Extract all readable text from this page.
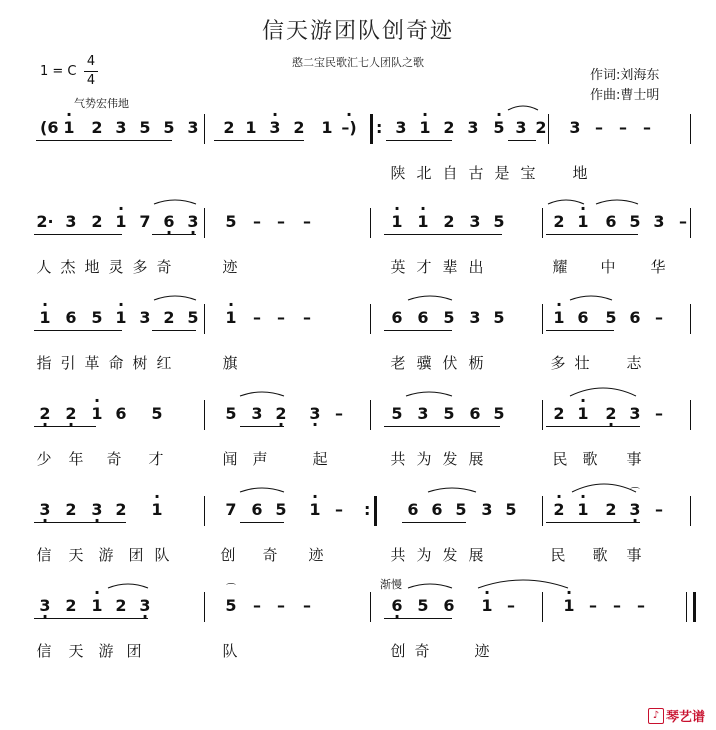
信天游团队创奇迹
憨二宝民歌汇七人团队之歌
1 = C
4
4	作词:刘海东
作曲:曹士明
气势宏伟地
渐慢
(6 · 1 2 3 5 5 3 2 1 · 3 2 1 · –) 3 · 1 2 3 · 5 3 2 3 –	–	–
:
陕 北 自 古 是 宝 地
2· 3 2 · 1 7 6 · 3 · 5	–	–	–	· 1 · 1 2 3 5	2 · 1 6 5 3 –
人 杰 地 灵 多 奇	迹	英 才 辈 出	耀 中 华
· 1 6 5 · 1 3 2 5 · 1	–	–	–	6 6 5 3 5	· 1 6 5 6 –
指 引 革 命 树 红	旗	老 骥 伏 枥	多 壮 志
2 · 2 · · 1 6 5	5 3 2 · 3 · –	5 3 5 6 5	2 · 1 2 · 3 –
少 年 奇 才	闻 声	起	共 为 发 展	民 歌 事
3 · 2 3 · 2 · 1	7 6 5 · 1 –	6 6 5 3 5 · 2 · 1 2 3 · –
:
信 天 游 团 队	创 奇 迹	共 为 发 展	民 歌 事
3 · 2 · 1 2 3 ·	5	–	–	–	6 · 5 6 · 1 –	· 1 –	–	–
信 天 游 团	队	创 奇	迹
♪ 琴艺谱
⌒
⌒
